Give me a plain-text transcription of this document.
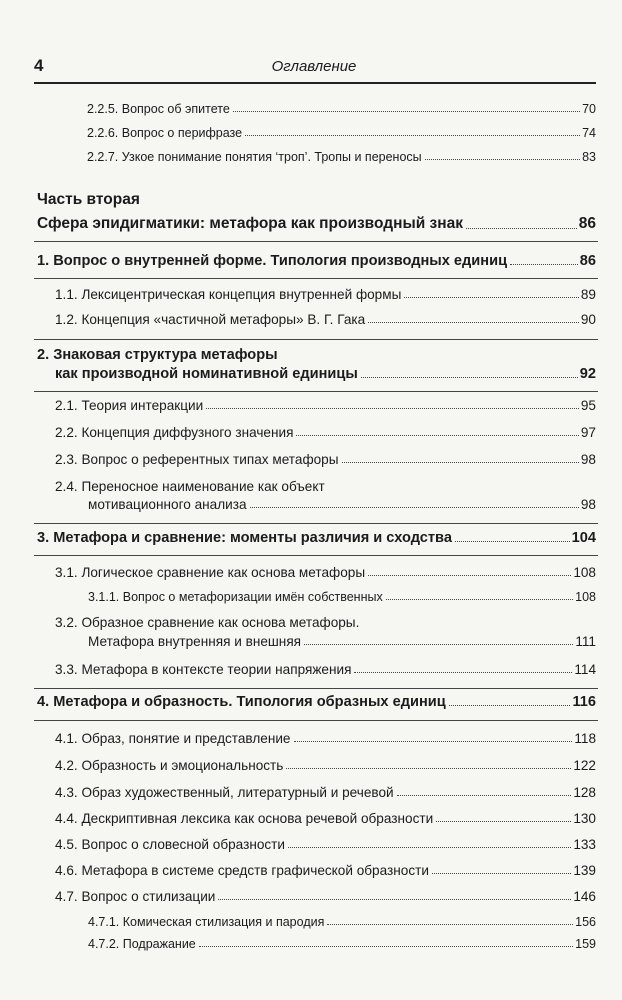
4	Оглавление
2.2.5. Вопрос об эпитете	70
2.2.6. Вопрос о перифразе	74
2.2.7. Узкое понимание понятия ‘троп’. Тропы и переносы	83
Часть вторая
Сфера эпидигматики: метафора как производный знак	86
1. Вопрос о внутренней форме. Типология производных единиц	86
1.1. Лексицентрическая концепция внутренней формы	89
1.2. Концепция «частичной метафоры» В. Г. Гака	90
2. Знаковая структура метафоры
как производной номинативной единицы	92
2.1. Теория интеракции	95
2.2. Концепция диффузного значения	97
2.3. Вопрос о референтных типах метафоры	98
2.4. Переносное наименование как объект
мотивационного анализа	98
3. Метафора и сравнение: моменты различия и сходства	104
3.1. Логическое сравнение как основа метафоры	108
3.1.1. Вопрос о метафоризации имён собственных	108
3.2. Образное сравнение как основа метафоры.
Метафора внутренняя и внешняя	111
3.3. Метафора в контексте теории напряжения	114
4. Метафора и образность. Типология образных единиц	116
4.1. Образ, понятие и представление	118
4.2. Образность и эмоциональность	122
4.3. Образ художественный, литературный и речевой	128
4.4. Дескриптивная лексика как основа речевой образности	130
4.5. Вопрос о словесной образности	133
4.6. Метафора в системе средств графической образности	139
4.7. Вопрос о стилизации	146
4.7.1. Комическая стилизация и пародия	156
4.7.2. Подражание	159
